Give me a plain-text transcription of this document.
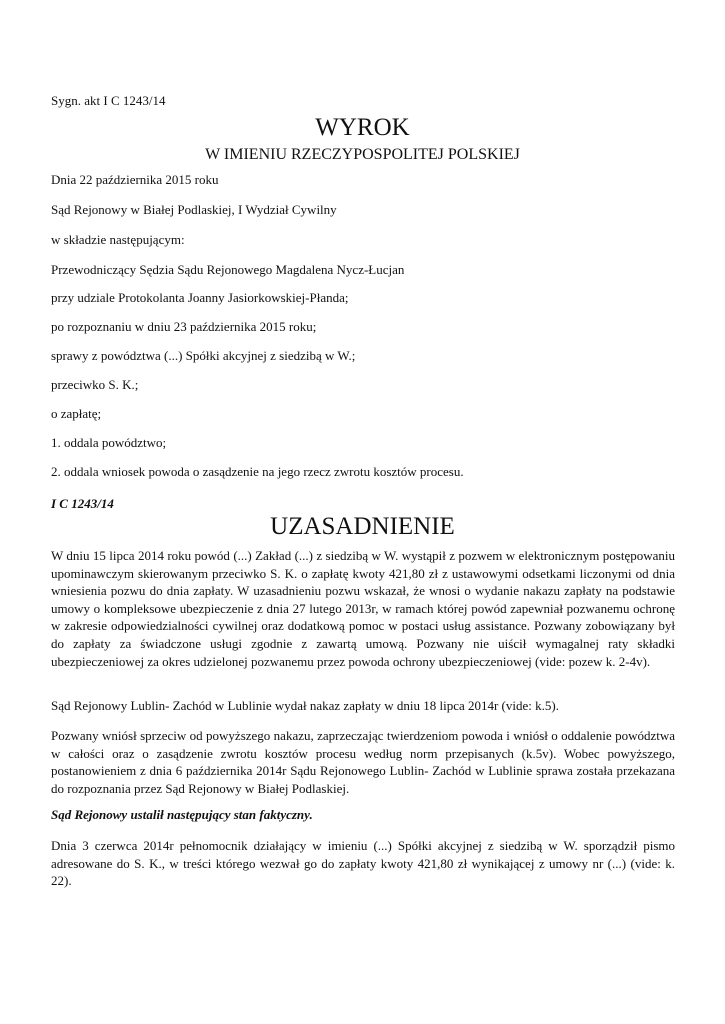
Sygn. akt I C 1243/14
WYROK
W IMIENIU RZECZYPOSPOLITEJ POLSKIEJ
Dnia 22 października 2015 roku
Sąd Rejonowy w Białej Podlaskiej, I Wydział Cywilny
w składzie następującym:
Przewodniczący Sędzia Sądu Rejonowego Magdalena Nycz-Łucjan
przy udziale Protokolanta Joanny Jasiorkowskiej-Płanda;
po rozpoznaniu w dniu 23 października 2015 roku;
sprawy z powództwa (...) Spółki akcyjnej z siedzibą w W.;
przeciwko S. K.;
o zapłatę;
1. oddala powództwo;
2. oddala wniosek powoda o zasądzenie na jego rzecz zwrotu kosztów procesu.
I C 1243/14
UZASADNIENIE
W dniu 15 lipca 2014 roku powód (...) Zakład (...) z siedzibą w W. wystąpił z pozwem w elektronicznym postępowaniu upominawczym skierowanym przeciwko S. K. o zapłatę kwoty 421,80 zł z ustawowymi odsetkami liczonymi od dnia wniesienia pozwu do dnia zapłaty. W uzasadnieniu pozwu wskazał, że wnosi o wydanie nakazu zapłaty na podstawie umowy o kompleksowe ubezpieczenie z dnia 27 lutego 2013r, w ramach której powód zapewniał pozwanemu ochronę w zakresie odpowiedzialności cywilnej oraz dodatkową pomoc w postaci usług assistance. Pozwany zobowiązany był do zapłaty za świadczone usługi zgodnie z zawartą umową. Pozwany nie uiścił wymagalnej raty składki ubezpieczeniowej za okres udzielonej pozwanemu przez powoda ochrony ubezpieczeniowej (vide: pozew k. 2-4v).
Sąd Rejonowy Lublin- Zachód w Lublinie wydał nakaz zapłaty w dniu 18 lipca 2014r (vide: k.5).
Pozwany wniósł sprzeciw od powyższego nakazu, zaprzeczając twierdzeniom powoda i wniósł o oddalenie powództwa w całości oraz o zasądzenie zwrotu kosztów procesu według norm przepisanych (k.5v). Wobec powyższego, postanowieniem z dnia 6 października 2014r Sądu Rejonowego Lublin- Zachód w Lublinie sprawa została przekazana do rozpoznania przez Sąd Rejonowy w Białej Podlaskiej.
Sąd Rejonowy ustalił następujący stan faktyczny.
Dnia 3 czerwca 2014r pełnomocnik działający w imieniu (...) Spółki akcyjnej z siedzibą w W. sporządził pismo adresowane do S. K., w treści którego wezwał go do zapłaty kwoty 421,80 zł wynikającej z umowy nr (...) (vide: k. 22).
